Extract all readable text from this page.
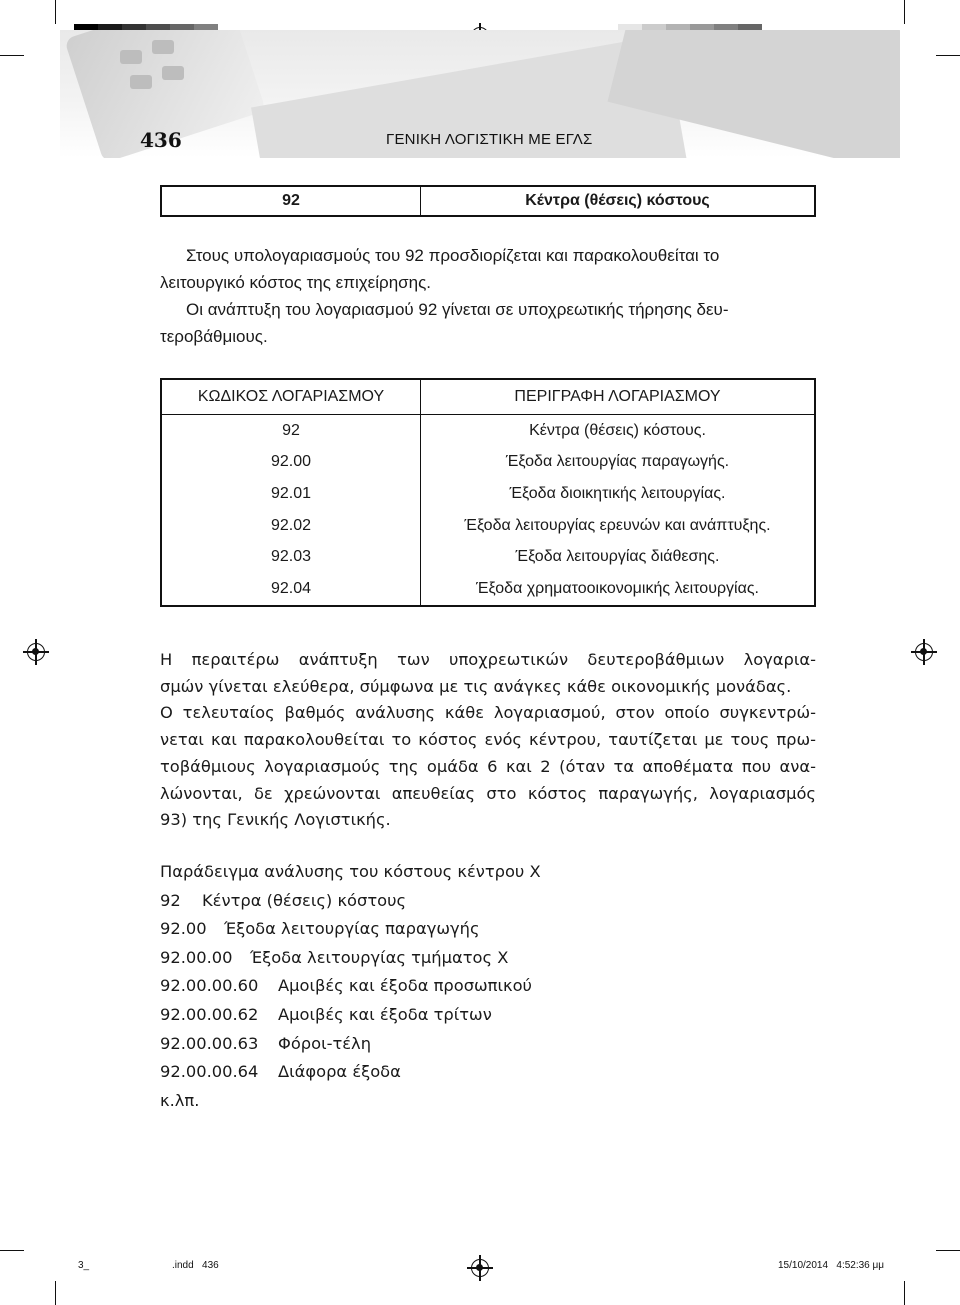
436	ΓΕΝΙΚΗ ΛΟΓΙΣΤΙΚΗ ΜΕ ΕΓΛΣ
92	Κέντρα (θέσεις) κόστους
Στους υπολογαριασμούς του 92 προσδιορίζεται και παρακολουθείται το
λειτουργικό κόστος της επιχείρησης.
Οι ανάπτυξη του λογαριασμού 92 γίνεται σε υποχρεωτικής τήρησης δευ-
τεροβάθμιους.
ΚΩΔΙΚΟΣ ΛΟΓΑΡΙΑΣΜΟΥ	ΠΕΡΙΓΡΑΦΗ ΛΟΓΑΡΙΑΣΜΟΥ
92	Κέντρα (θέσεις) κόστους.
92.00	Έξοδα λειτουργίας παραγωγής.
92.01	Έξοδα διοικητικής λειτουργίας.
92.02	Έξοδα λειτουργίας ερευνών και ανάπτυξης.
92.03	Έξοδα λειτουργίας διάθεσης.
92.04	Έξοδα χρηματοοικονομικής λειτουργίας.
Η περαιτέρω ανάπτυξη των υποχρεωτικών δευτεροβάθμιων λογαρια-
σμών γίνεται ελεύθερα, σύμφωνα με τις ανάγκες κάθε οικονομικής μονάδας.
Ο τελευταίος βαθμός ανάλυσης κάθε λογαριασμού, στον οποίο συγκεντρώ-
νεται και παρακολουθείται το κόστος ενός κέντρου, ταυτίζεται με τους πρω-
τοβάθμιους λογαριασμούς της ομάδα 6 και 2 (όταν τα αποθέματα που ανα-
λώνονται, δε χρεώνονται απευθείας στο κόστος παραγωγής, λογαριασμός
93) της Γενικής Λογιστικής.
Παράδειγμα ανάλυσης του κόστους κέντρου Χ
92 Κέντρα (θέσεις) κόστους
92.00 Έξοδα λειτουργίας παραγωγής
92.00.00 Έξοδα λειτουργίας τμήματος Χ
92.00.00.60 Αμοιβές και έξοδα προσωπικού
92.00.00.62 Αμοιβές και έξοδα τρίτων
92.00.00.63 Φόροι-τέλη
92.00.00.64 Διάφορα έξοδα
κ.λπ.
3_	.indd   436	15/10/2014   4:52:36 μμ
